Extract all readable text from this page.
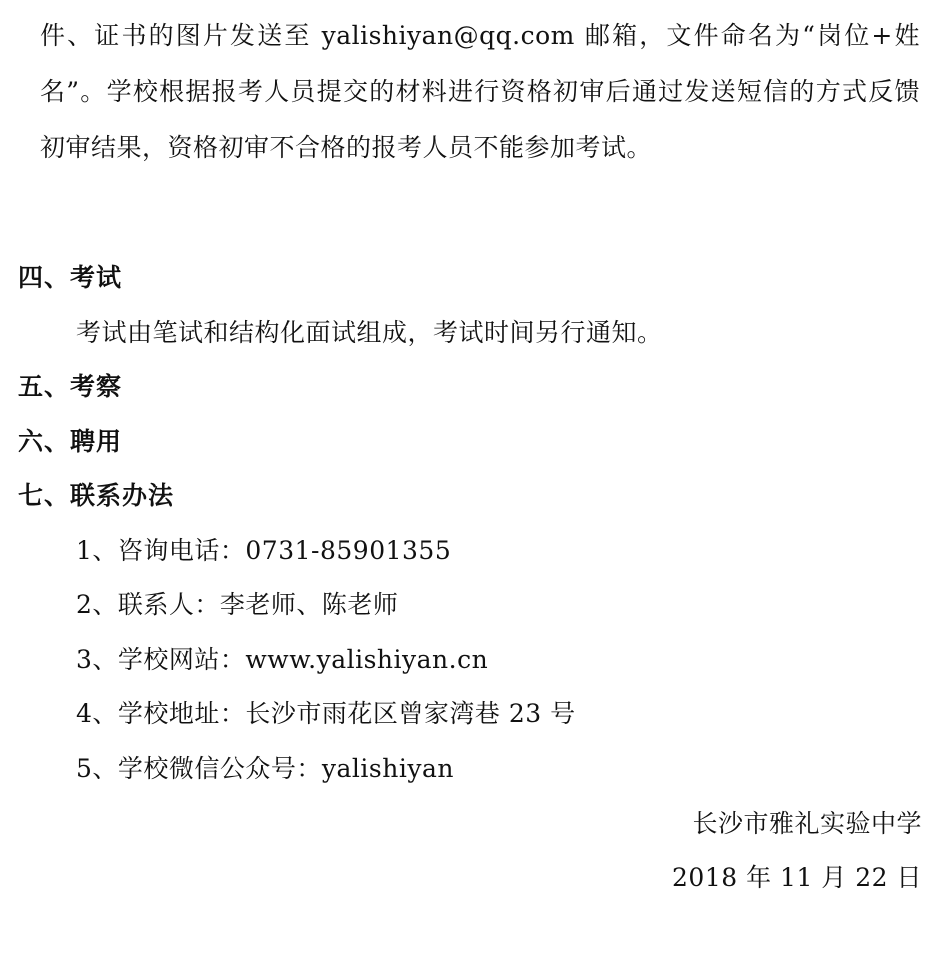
件、证书的图片发送至 yalishiyan@qq.com 邮箱，文件命名为“岗位+姓名”。学校根据报考人员提交的材料进行资格初审后通过发送短信的方式反馈初审结果，资格初审不合格的报考人员不能参加考试。

四、考试

考试由笔试和结构化面试组成，考试时间另行通知。

五、考察

六、聘用

七、联系办法

1、咨询电话：0731-85901355

2、联系人：李老师、陈老师

3、学校网站：www.yalishiyan.cn

4、学校地址：长沙市雨花区曾家湾巷 23 号

5、学校微信公众号：yalishiyan

长沙市雅礼实验中学

2018 年 11 月 22 日
